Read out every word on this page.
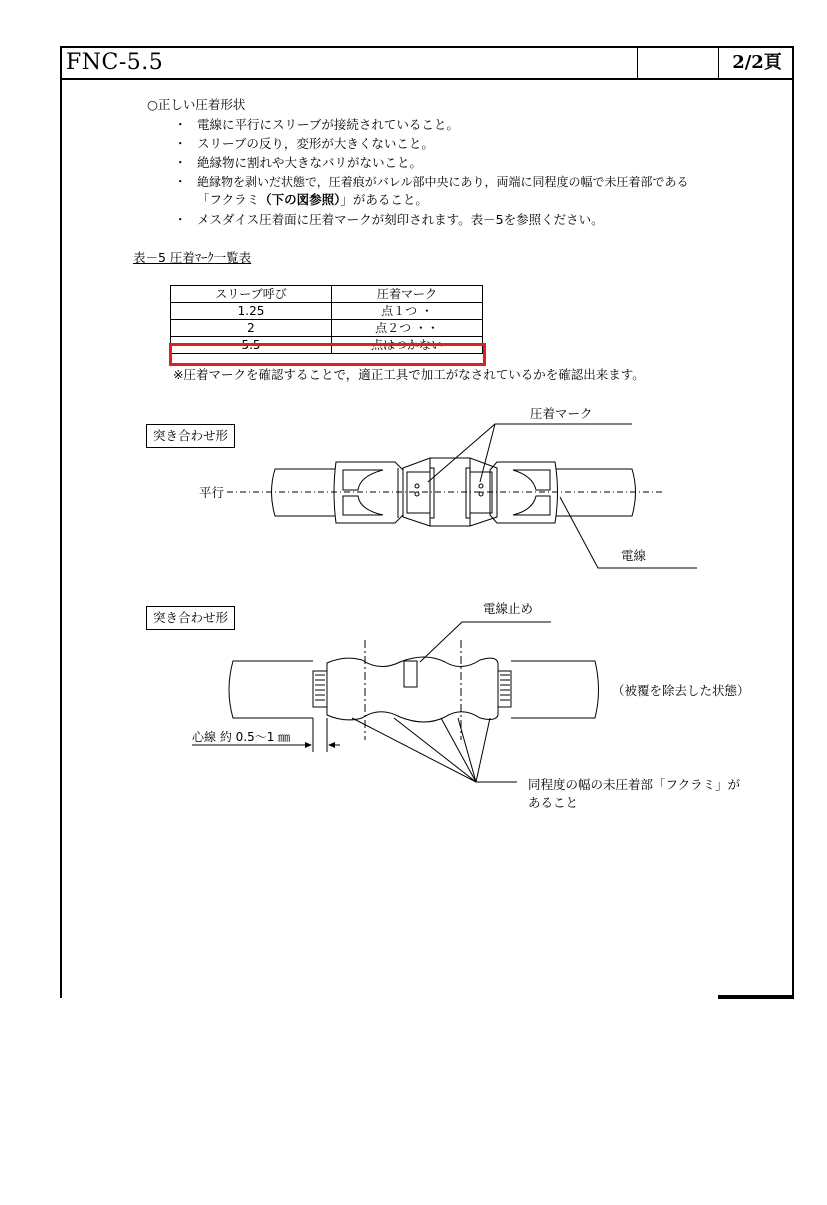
FNC-5.5	2/2頁
○正しい圧着形状
・ 電線に平行にスリーブが接続されていること。
・ スリーブの反り，変形が大きくないこと。
・ 絶縁物に割れや大きなバリがないこと。
・ 絶縁物を剥いだ状態で，圧着痕がバレル部中央にあり，両端に同程度の幅で未圧着部である
「フクラミ（下の図参照）」があること。
・ メスダイス圧着面に圧着マークが刻印されます。表－5を参照ください。
表－5 圧着ﾏｰｸ一覧表
スリーブ呼び	圧着マーク
1.25	点１つ ・
2	点２つ ・・
5.5	点はつかない
※圧着マークを確認することで，適正工具で加工がなされているかを確認出来ます。
突き合わせ形
圧着マーク
平行
電線
突き合わせ形
電線止め
（被覆を除去した状態）
心線 約 0.5～1 ㎜
同程度の幅の未圧着部「フクラミ」が
あること
